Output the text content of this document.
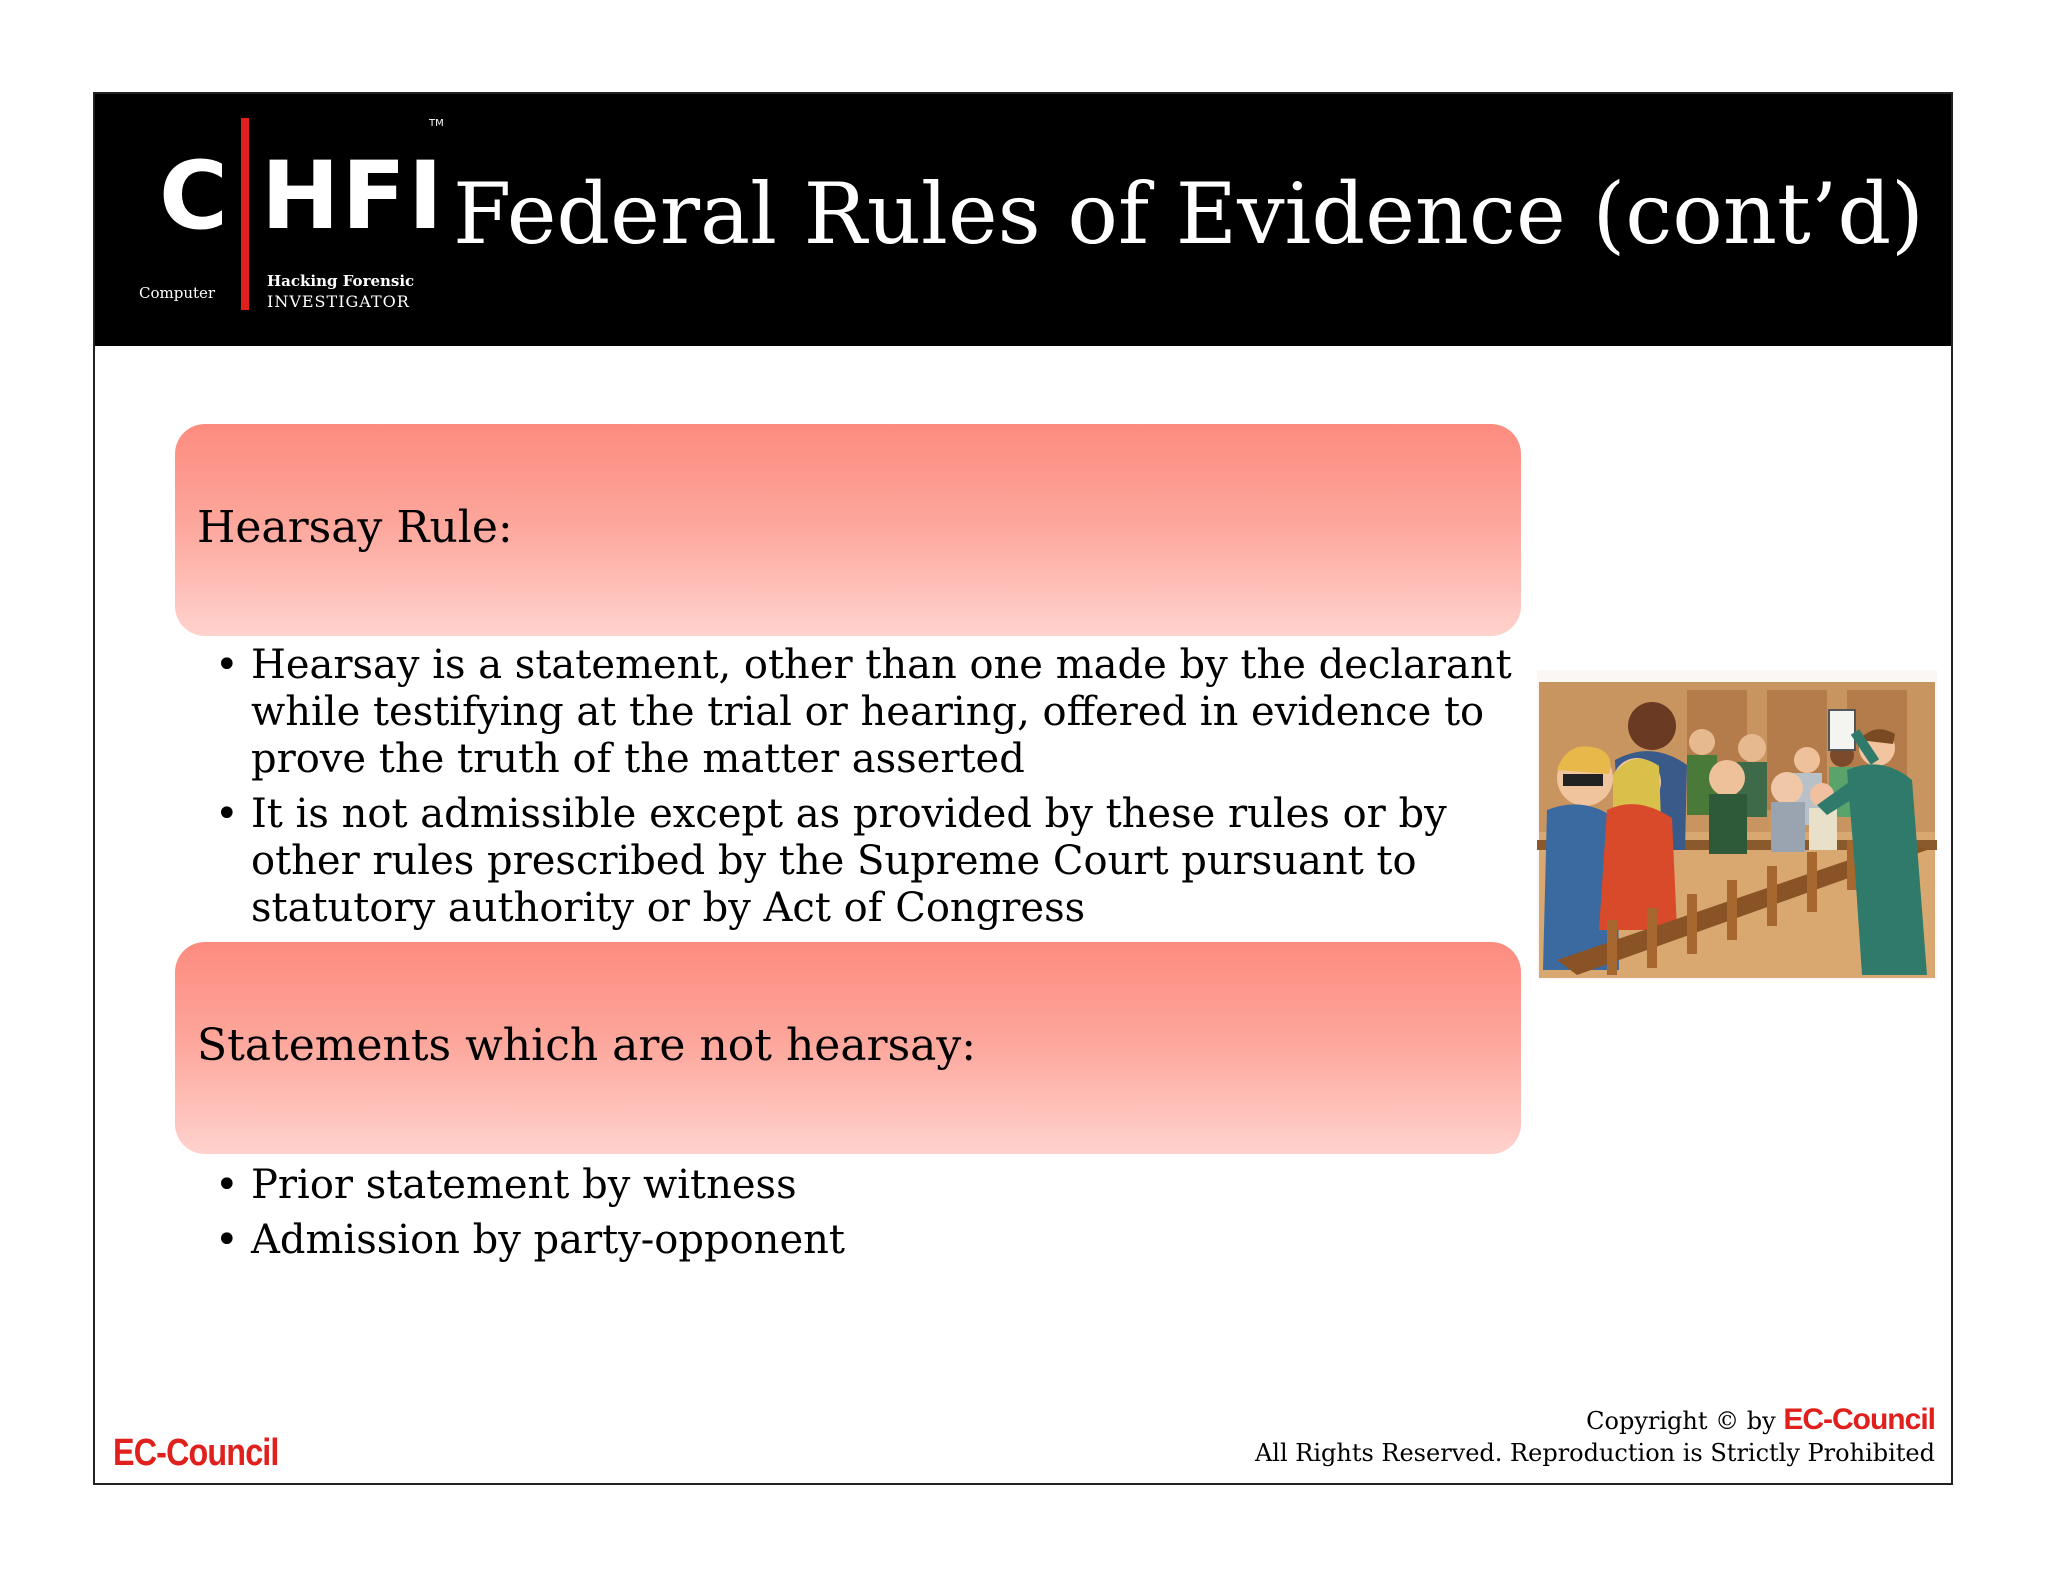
C HFI
TM
Computer
Hacking Forensic
INVESTIGATOR
Federal Rules of Evidence (cont’d)
Hearsay Rule:
• Hearsay is a statement, other than one made by the declarant while testifying at the trial or hearing, offered in evidence to prove the truth of the matter asserted
• It is not admissible except as provided by these rules or by other rules prescribed by the Supreme Court pursuant to statutory authority or by Act of Congress
Statements which are not hearsay:
• Prior statement by witness
• Admission by party-opponent
EC-Council
Copyright © by EC-Council
All Rights Reserved. Reproduction is Strictly Prohibited
